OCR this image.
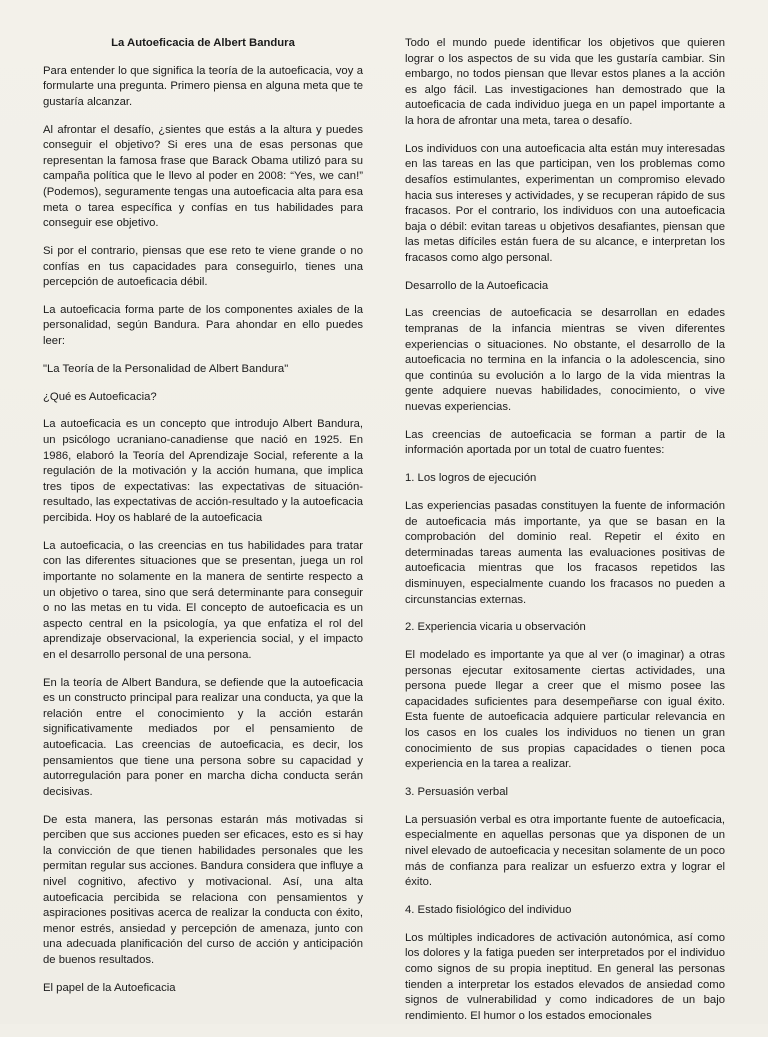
La Autoeficacia de Albert Bandura

Para entender lo que significa la teoría de la autoeficacia, voy a formularte una pregunta. Primero piensa en alguna meta que te gustaría alcanzar.

Al afrontar el desafío, ¿sientes que estás a la altura y puedes conseguir el objetivo? Si eres una de esas personas que representan la famosa frase que Barack Obama utilizó para su campaña política que le llevo al poder en 2008: “Yes, we can!” (Podemos), seguramente tengas una autoeficacia alta para esa meta o tarea específica y confías en tus habilidades para conseguir ese objetivo.

Si por el contrario, piensas que ese reto te viene grande o no confías en tus capacidades para conseguirlo, tienes una percepción de autoeficacia débil.

La autoeficacia forma parte de los componentes axiales de la personalidad, según Bandura. Para ahondar en ello puedes leer:

"La Teoría de la Personalidad de Albert Bandura"

¿Qué es Autoeficacia?

La autoeficacia es un concepto que introdujo Albert Bandura, un psicólogo ucraniano-canadiense que nació en 1925. En 1986, elaboró la Teoría del Aprendizaje Social, referente a la regulación de la motivación y la acción humana, que implica tres tipos de expectativas: las expectativas de situación-resultado, las expectativas de acción-resultado y la autoeficacia percibida. Hoy os hablaré de la autoeficacia

La autoeficacia, o las creencias en tus habilidades para tratar con las diferentes situaciones que se presentan, juega un rol importante no solamente en la manera de sentirte respecto a un objetivo o tarea, sino que será determinante para conseguir o no las metas en tu vida. El concepto de autoeficacia es un aspecto central en la psicología, ya que enfatiza el rol del aprendizaje observacional, la experiencia social, y el impacto en el desarrollo personal de una persona.

En la teoría de Albert Bandura, se defiende que la autoeficacia es un constructo principal para realizar una conducta, ya que la relación entre el conocimiento y la acción estarán significativamente mediados por el pensamiento de autoeficacia. Las creencias de autoeficacia, es decir, los pensamientos que tiene una persona sobre su capacidad y autorregulación para poner en marcha dicha conducta serán decisivas.

De esta manera, las personas estarán más motivadas si perciben que sus acciones pueden ser eficaces, esto es si hay la convicción de que tienen habilidades personales que les permitan regular sus acciones. Bandura considera que influye a nivel cognitivo, afectivo y motivacional. Así, una alta autoeficacia percibida se relaciona con pensamientos y aspiraciones positivas acerca de realizar la conducta con éxito, menor estrés, ansiedad y percepción de amenaza, junto con una adecuada planificación del curso de acción y anticipación de buenos resultados.

El papel de la Autoeficacia

Todo el mundo puede identificar los objetivos que quieren lograr o los aspectos de su vida que les gustaría cambiar. Sin embargo, no todos piensan que llevar estos planes a la acción es algo fácil. Las investigaciones han demostrado que la autoeficacia de cada individuo juega en un papel importante a la hora de afrontar una meta, tarea o desafío.

Los individuos con una autoeficacia alta están muy interesadas en las tareas en las que participan, ven los problemas como desafíos estimulantes, experimentan un compromiso elevado hacia sus intereses y actividades, y se recuperan rápido de sus fracasos. Por el contrario, los individuos con una autoeficacia baja o débil: evitan tareas u objetivos desafiantes, piensan que las metas difíciles están fuera de su alcance, e interpretan los fracasos como algo personal.

Desarrollo de la Autoeficacia

Las creencias de autoeficacia se desarrollan en edades tempranas de la infancia mientras se viven diferentes experiencias o situaciones. No obstante, el desarrollo de la autoeficacia no termina en la infancia o la adolescencia, sino que continúa su evolución a lo largo de la vida mientras la gente adquiere nuevas habilidades, conocimiento, o vive nuevas experiencias.

Las creencias de autoeficacia se forman a partir de la información aportada por un total de cuatro fuentes:

1. Los logros de ejecución

Las experiencias pasadas constituyen la fuente de información de autoeficacia más importante, ya que se basan en la comprobación del dominio real. Repetir el éxito en determinadas tareas aumenta las evaluaciones positivas de autoeficacia mientras que los fracasos repetidos las disminuyen, especialmente cuando los fracasos no pueden a circunstancias externas.

2. Experiencia vicaria u observación

El modelado es importante ya que al ver (o imaginar) a otras personas ejecutar exitosamente ciertas actividades, una persona puede llegar a creer que el mismo posee las capacidades suficientes para desempeñarse con igual éxito. Esta fuente de autoeficacia adquiere particular relevancia en los casos en los cuales los individuos no tienen un gran conocimiento de sus propias capacidades o tienen poca experiencia en la tarea a realizar.

3. Persuasión verbal

La persuasión verbal es otra importante fuente de autoeficacia, especialmente en aquellas personas que ya disponen de un nivel elevado de autoeficacia y necesitan solamente de un poco más de confianza para realizar un esfuerzo extra y lograr el éxito.

4. Estado fisiológico del individuo

Los múltiples indicadores de activación autonómica, así como los dolores y la fatiga pueden ser interpretados por el individuo como signos de su propia ineptitud. En general las personas tienden a interpretar los estados elevados de ansiedad como signos de vulnerabilidad y como indicadores de un bajo rendimiento. El humor o los estados emocionales
